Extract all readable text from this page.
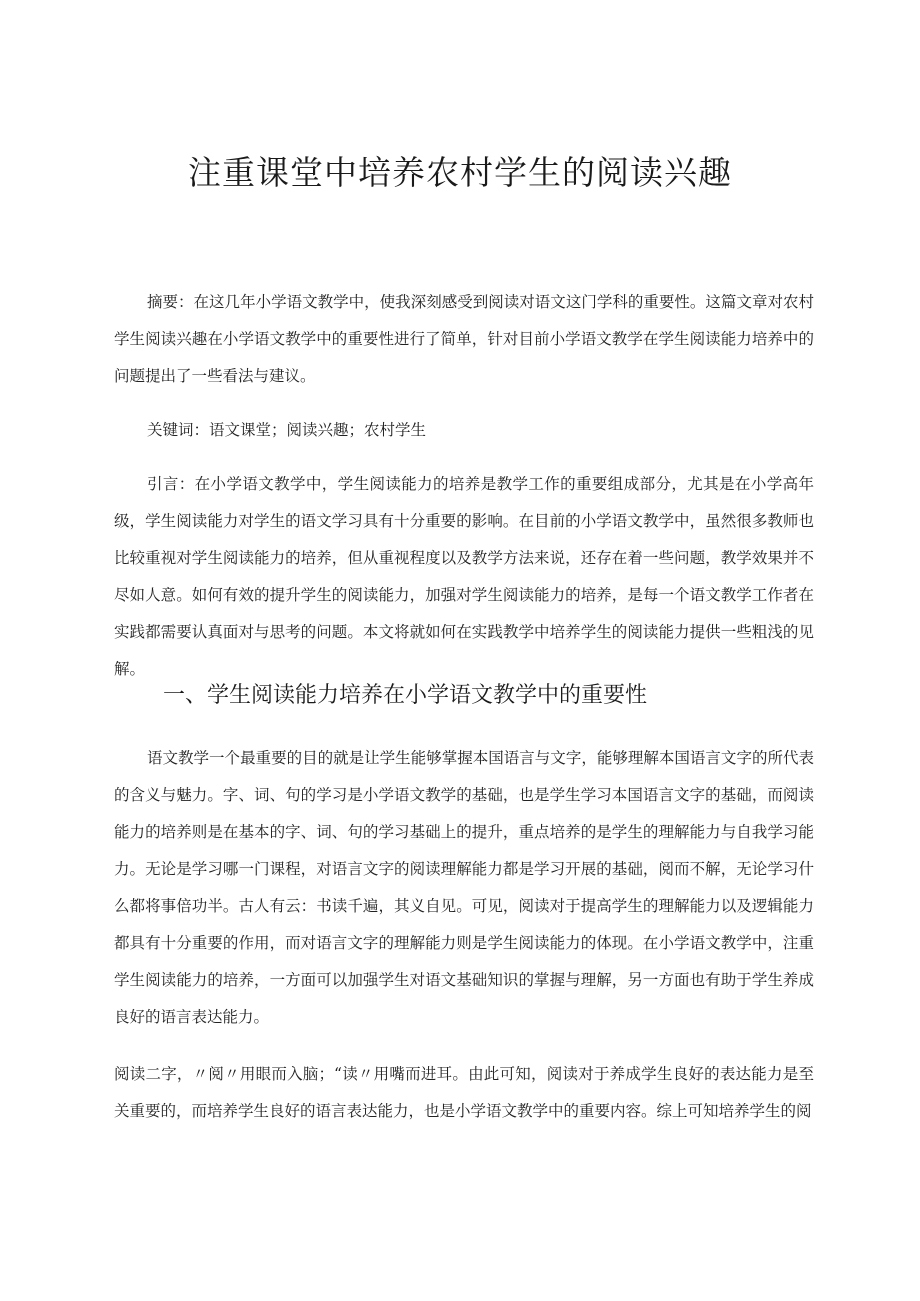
注重课堂中培养农村学生的阅读兴趣

摘要：在这几年小学语文教学中，使我深刻感受到阅读对语文这门学科的重要性。这篇文章对农村学生阅读兴趣在小学语文教学中的重要性进行了简单，针对目前小学语文教学在学生阅读能力培养中的问题提出了一些看法与建议。

关键词：语文课堂；阅读兴趣；农村学生

引言：在小学语文教学中，学生阅读能力的培养是教学工作的重要组成部分，尤其是在小学高年级，学生阅读能力对学生的语文学习具有十分重要的影响。在目前的小学语文教学中，虽然很多教师也比较重视对学生阅读能力的培养，但从重视程度以及教学方法来说，还存在着一些问题，教学效果并不尽如人意。如何有效的提升学生的阅读能力，加强对学生阅读能力的培养，是每一个语文教学工作者在实践都需要认真面对与思考的问题。本文将就如何在实践教学中培养学生的阅读能力提供一些粗浅的见解。

一、学生阅读能力培养在小学语文教学中的重要性

语文教学一个最重要的目的就是让学生能够掌握本国语言与文字，能够理解本国语言文字的所代表的含义与魅力。字、词、句的学习是小学语文教学的基础，也是学生学习本国语言文字的基础，而阅读能力的培养则是在基本的字、词、句的学习基础上的提升，重点培养的是学生的理解能力与自我学习能力。无论是学习哪一门课程，对语言文字的阅读理解能力都是学习开展的基础，阅而不解，无论学习什么都将事倍功半。古人有云：书读千遍，其义自见。可见，阅读对于提高学生的理解能力以及逻辑能力都具有十分重要的作用，而对语言文字的理解能力则是学生阅读能力的体现。在小学语文教学中，注重学生阅读能力的培养，一方面可以加强学生对语文基础知识的掌握与理解，另一方面也有助于学生养成良好的语言表达能力。

阅读二字，〃阅〃用眼而入脑；“读〃用嘴而进耳。由此可知，阅读对于养成学生良好的表达能力是至关重要的，而培养学生良好的语言表达能力，也是小学语文教学中的重要内容。综上可知培养学生的阅
